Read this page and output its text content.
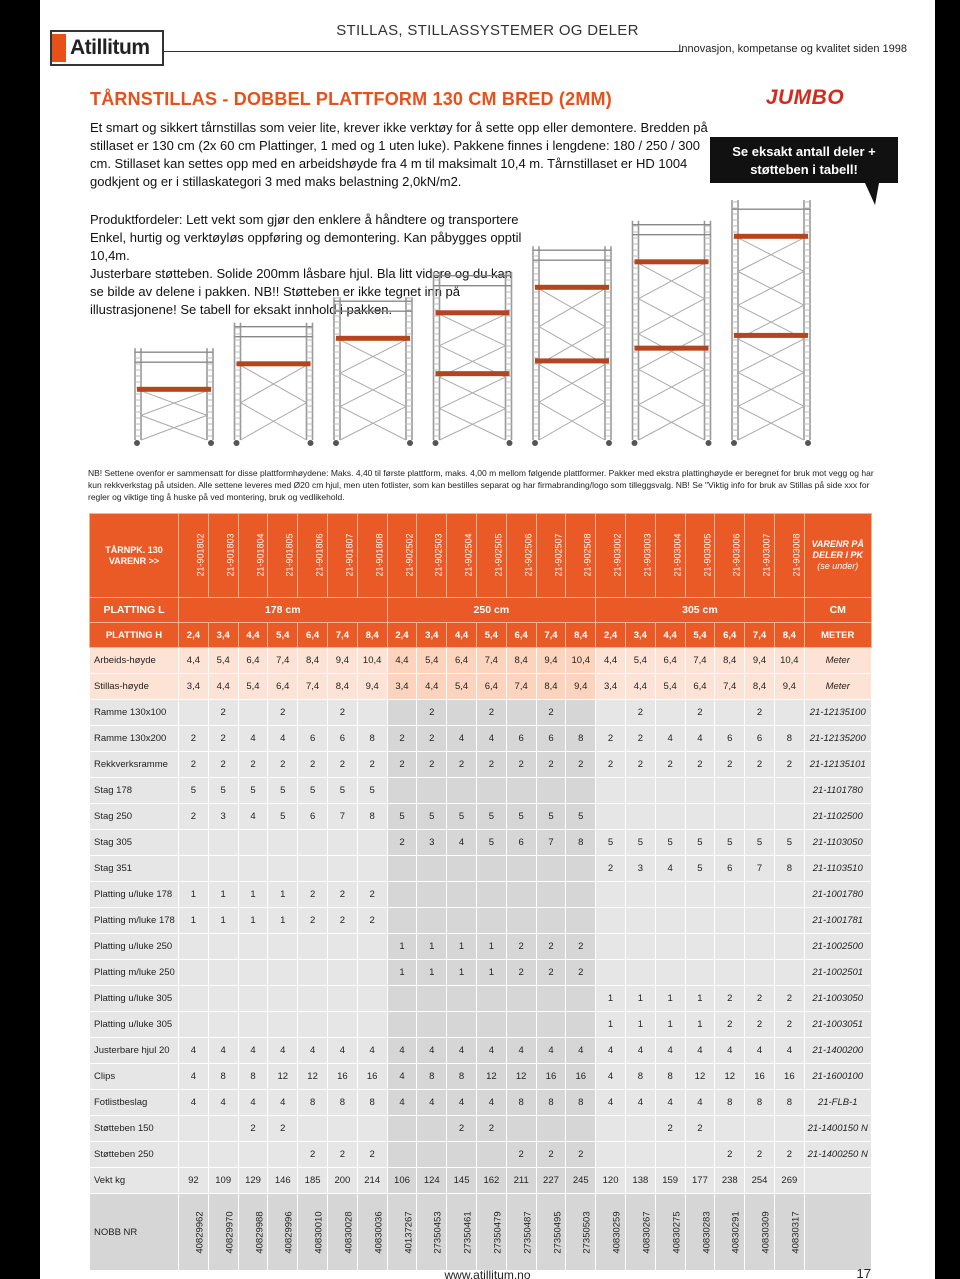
Atillitum
STILLAS, STILLASSYSTEMER OG DELER
Innovasjon, kompetanse og kvalitet siden 1998
TÅRNSTILLAS - DOBBEL PLATTFORM 130 CM BRED (2MM)	JUMBO
Et smart og sikkert tårnstillas som veier lite, krever ikke verktøy for å sette opp eller demontere. Bredden på stillaset er 130 cm (2x 60 cm Plattinger, 1 med og 1 uten luke). Pakkene finnes i lengdene: 180 / 250 / 300 cm. Stillaset kan settes opp med en arbeidshøyde fra 4 m til maksimalt 10,4 m. Tårnstillaset er HD 1004 godkjent og er i stillaskategori 3 med maks belastning 2,0kN/m2.
Se eksakt antall deler + støtteben i tabell!
Produktfordeler: Lett vekt som gjør den enklere å håndtere og transportere
Enkel, hurtig og verktøyløs oppføring og demontering. Kan påbygges opptil 10,4m.
Justerbare støtteben. Solide 200mm låsbare hjul. Bla litt og du kan
se bilde av delene i pakken. NB!! Støtteben er ikke tegnet på
illustrasjonene! Se tabell for eksakt innhold i pakken.
NB! Settene ovenfor er sammensatt for disse plattformhøydene: Maks. 4,40 til første plattform, maks. 4,00 m mellom følgende plattformer. Pakker med ekstra plattinghøyde er beregnet for bruk mot vegg og har kun rekkverkstag på utsiden. Alle settene leveres med Ø20 cm hjul, men uten fotlister, som kan bestilles separat og har firmabranding/logo som tilleggsvalg. NB! Se "Viktig info for bruk av Stillas på side xxx for regler og viktige ting å huske på ved montering, bruk og vedlikehold.
TÅRNPK. 130 VARENR >>	21-901802	21-901803	21-901804	21-901805	21-901806	21-901807	21-901808	21-902502	21-902503	21-902504	21-902505	21-902506	21-902507	21-902508	21-903002	21-903003	21-903004	21-903005	21-903006	21-903007	21-903008	VARENR PÅ DELER I PK
(se under)

PLATTING L	178 cm							250 cm							305 cm							CM
PLATTING H	2,4	3,4	4,4	5,4	6,4	7,4	8,4	2,4	3,4	4,4	5,4	6,4	7,4	8,4	2,4	3,4	4,4	5,4	6,4	7,4	8,4	METER
Arbeids-høyde	4,4	5,4	6,4	7,4	8,4	9,4	10,4	4,4	5,4	6,4	7,4	8,4	9,4	10,4	4,4	5,4	6,4	7,4	8,4	9,4	10,4	Meter
Stillas-høyde	3,4	4,4	5,4	6,4	7,4	8,4	9,4	3,4	4,4	5,4	6,4	7,4	8,4	9,4	3,4	4,4	5,4	6,4	7,4	8,4	9,4	Meter
Ramme 130x100		2		2		2			2		2		2			2		2		2		21-12135100
Ramme 130x200	2	2	4	4	6	6	8	2	2	4	4	6	6	8	2	2	4	4	6	6	8	21-12135200
Rekkverksramme	2	2	2	2	2	2	2	2	2	2	2	2	2	2	2	2	2	2	2	2	2	21-12135101
Stag 178	5	5	5	5	5	5	5															21-1101780
Stag 250	2	3	4	5	6	7	8	5	5	5	5	5	5	5								21-1102500
Stag 305								2	3	4	5	6	7	8	5	5	5	5	5	5	5	21-1103050
Stag 351															2	3	4	5	6	7	8	21-1103510
Platting u/luke 178	1	1	1	1	2	2	2															21-1001780
Platting m/luke 178	1	1	1	1	2	2	2															21-1001781
Platting u/luke 250								1	1	1	1	2	2	2								21-1002500
Platting m/luke 250								1	1	1	1	2	2	2								21-1002501
Platting u/luke 305															1	1	1	1	2	2	2	21-1003050
Platting u/luke 305															1	1	1	1	2	2	2	21-1003051
Justerbare hjul 20	4	4	4	4	4	4	4	4	4	4	4	4	4	4	4	4	4	4	4	4	4	21-1400200
Clips	4	8	8	12	12	16	16	4	8	8	12	12	16	16	4	8	8	12	12	16	16	21-1600100
Fotlistbeslag	4	4	4	4	8	8	8	4	4	4	4	8	8	8	4	4	4	4	8	8	8	21-FLB-1
Støtteben 150			2	2						2	2						2	2				21-1400150 N
Støtteben 250					2	2	2					2	2	2					2	2	2	21-1400250 N
Vekt kg	92	109	129	146	185	200	214	106	124	145	162	211	227	245	120	138	159	177	238	254	269	
NOBB NR	40829962	40829970	40829988	40829996	40830010	40830028	40830036	40137267	27350453	27350461	27350479	27350487	27350495	27350503	40830259	40830267	40830275	40830283	40830291	40830309	40830317	
www.atillitum.no	17
